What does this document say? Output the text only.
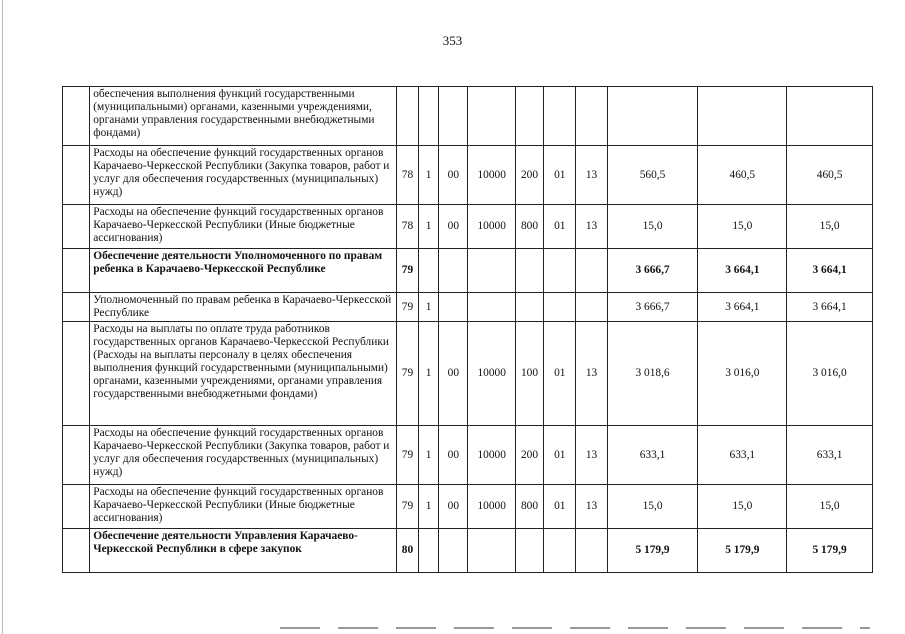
353
	обеспечения выполнения функций государственными (муниципальными) органами, казенными учреждениями, органами управления государственными внебюджетными фондами)										
	Расходы на обеспечение функций государственных органов Карачаево-Черкесской Республики (Закупка товаров, работ и услуг для обеспечения государственных (муниципальных) нужд)	78	1	00	10000	200	01	13	560,5	460,5	460,5
	Расходы на обеспечение функций государственных органов Карачаево-Черкесской Республики (Иные бюджетные ассигнования)	78	1	00	10000	800	01	13	15,0	15,0	15,0
	Обеспечение деятельности Уполномоченного по правам ребенка в Карачаево-Черкесской Республике	79							3 666,7	3 664,1	3 664,1
	Уполномоченный по правам ребенка в Карачаево-Черкесской Республике	79	1						3 666,7	3 664,1	3 664,1
	Расходы на выплаты по оплате труда работников государственных органов Карачаево-Черкесской Республики (Расходы на выплаты персоналу в целях обеспечения выполнения функций государственными (муниципальными) органами, казенными учреждениями, органами управления государственными внебюджетными фондами)	79	1	00	10000	100	01	13	3 018,6	3 016,0	3 016,0
	Расходы на обеспечение функций государственных органов Карачаево-Черкесской Республики (Закупка товаров, работ и услуг для обеспечения государственных (муниципальных) нужд)	79	1	00	10000	200	01	13	633,1	633,1	633,1
	Расходы на обеспечение функций государственных органов Карачаево-Черкесской Республики (Иные бюджетные ассигнования)	79	1	00	10000	800	01	13	15,0	15,0	15,0
	Обеспечение деятельности Управления Карачаево-Черкесской Республики в сфере закупок	80							5 179,9	5 179,9	5 179,9
